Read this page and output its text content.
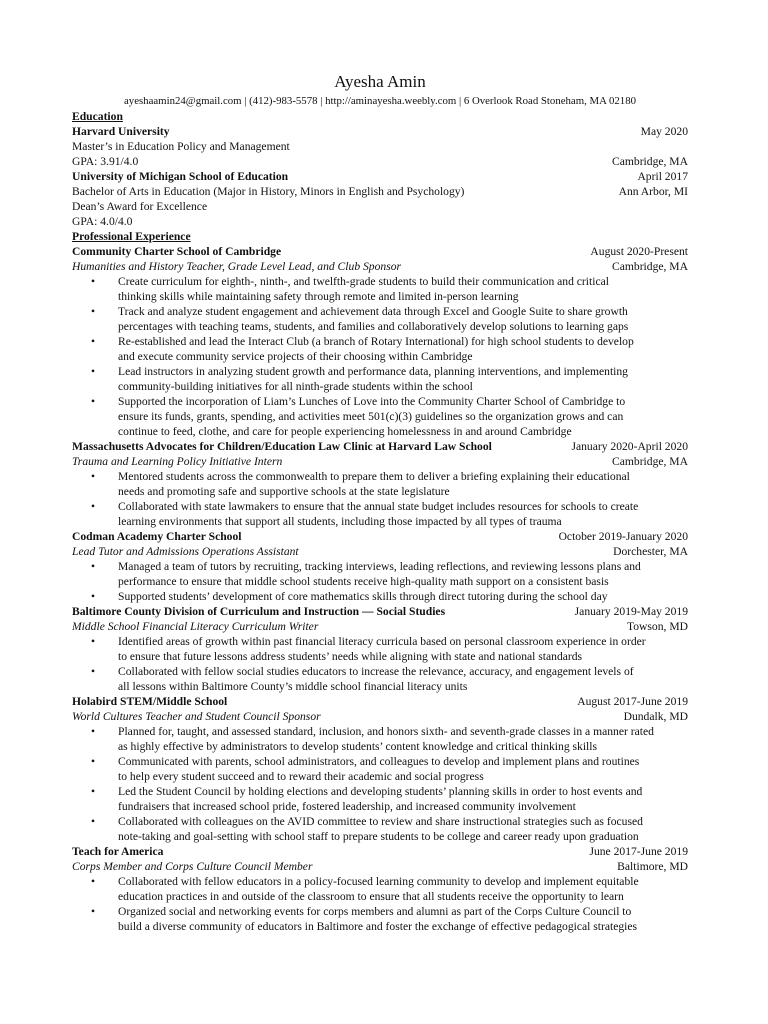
Ayesha Amin
ayeshaamin24@gmail.com | (412)-983-5578 | http://aminayesha.weebly.com | 6 Overlook Road Stoneham, MA 02180
Education
Harvard University	May 2020
Master’s in Education Policy and Management
GPA: 3.91/4.0	Cambridge, MA
University of Michigan School of Education	April 2017
Bachelor of Arts in Education (Major in History, Minors in English and Psychology)	Ann Arbor, MI
Dean’s Award for Excellence
GPA: 4.0/4.0
Professional Experience
Community Charter School of Cambridge	August 2020-Present
Humanities and History Teacher, Grade Level Lead, and Club Sponsor	Cambridge, MA
• Create curriculum for eighth-, ninth-, and twelfth-grade students to build their communication and critical
thinking skills while maintaining safety through remote and limited in-person learning
• Track and analyze student engagement and achievement data through Excel and Google Suite to share growth
percentages with teaching teams, students, and families and collaboratively develop solutions to learning gaps
• Re-established and lead the Interact Club (a branch of Rotary International) for high school students to develop
and execute community service projects of their choosing within Cambridge
• Lead instructors in analyzing student growth and performance data, planning interventions, and implementing
community-building initiatives for all ninth-grade students within the school
• Supported the incorporation of Liam’s Lunches of Love into the Community Charter School of Cambridge to
ensure its funds, grants, spending, and activities meet 501(c)(3) guidelines so the organization grows and can
continue to feed, clothe, and care for people experiencing homelessness in and around Cambridge
Massachusetts Advocates for Children/Education Law Clinic at Harvard Law School	January 2020-April 2020
Trauma and Learning Policy Initiative Intern	Cambridge, MA
• Mentored students across the commonwealth to prepare them to deliver a briefing explaining their educational
needs and promoting safe and supportive schools at the state legislature
• Collaborated with state lawmakers to ensure that the annual state budget includes resources for schools to create
learning environments that support all students, including those impacted by all types of trauma
Codman Academy Charter School	October 2019-January 2020
Lead Tutor and Admissions Operations Assistant	Dorchester, MA
• Managed a team of tutors by recruiting, tracking interviews, leading reflections, and reviewing lessons plans and
performance to ensure that middle school students receive high-quality math support on a consistent basis
• Supported students’ development of core mathematics skills through direct tutoring during the school day
Baltimore County Division of Curriculum and Instruction — Social Studies	January 2019-May 2019
Middle School Financial Literacy Curriculum Writer	Towson, MD
• Identified areas of growth within past financial literacy curricula based on personal classroom experience in order
to ensure that future lessons address students’ needs while aligning with state and national standards
• Collaborated with fellow social studies educators to increase the relevance, accuracy, and engagement levels of
all lessons within Baltimore County’s middle school financial literacy units
Holabird STEM/Middle School	August 2017-June 2019
World Cultures Teacher and Student Council Sponsor	Dundalk, MD
• Planned for, taught, and assessed standard, inclusion, and honors sixth- and seventh-grade classes in a manner rated
as highly effective by administrators to develop students’ content knowledge and critical thinking skills
• Communicated with parents, school administrators, and colleagues to develop and implement plans and routines
to help every student succeed and to reward their academic and social progress
• Led the Student Council by holding elections and developing students’ planning skills in order to host events and
fundraisers that increased school pride, fostered leadership, and increased community involvement
• Collaborated with colleagues on the AVID committee to review and share instructional strategies such as focused
note-taking and goal-setting with school staff to prepare students to be college and career ready upon graduation
Teach for America	June 2017-June 2019
Corps Member and Corps Culture Council Member	Baltimore, MD
• Collaborated with fellow educators in a policy-focused learning community to develop and implement equitable
education practices in and outside of the classroom to ensure that all students receive the opportunity to learn
• Organized social and networking events for corps members and alumni as part of the Corps Culture Council to
build a diverse community of educators in Baltimore and foster the exchange of effective pedagogical strategies
